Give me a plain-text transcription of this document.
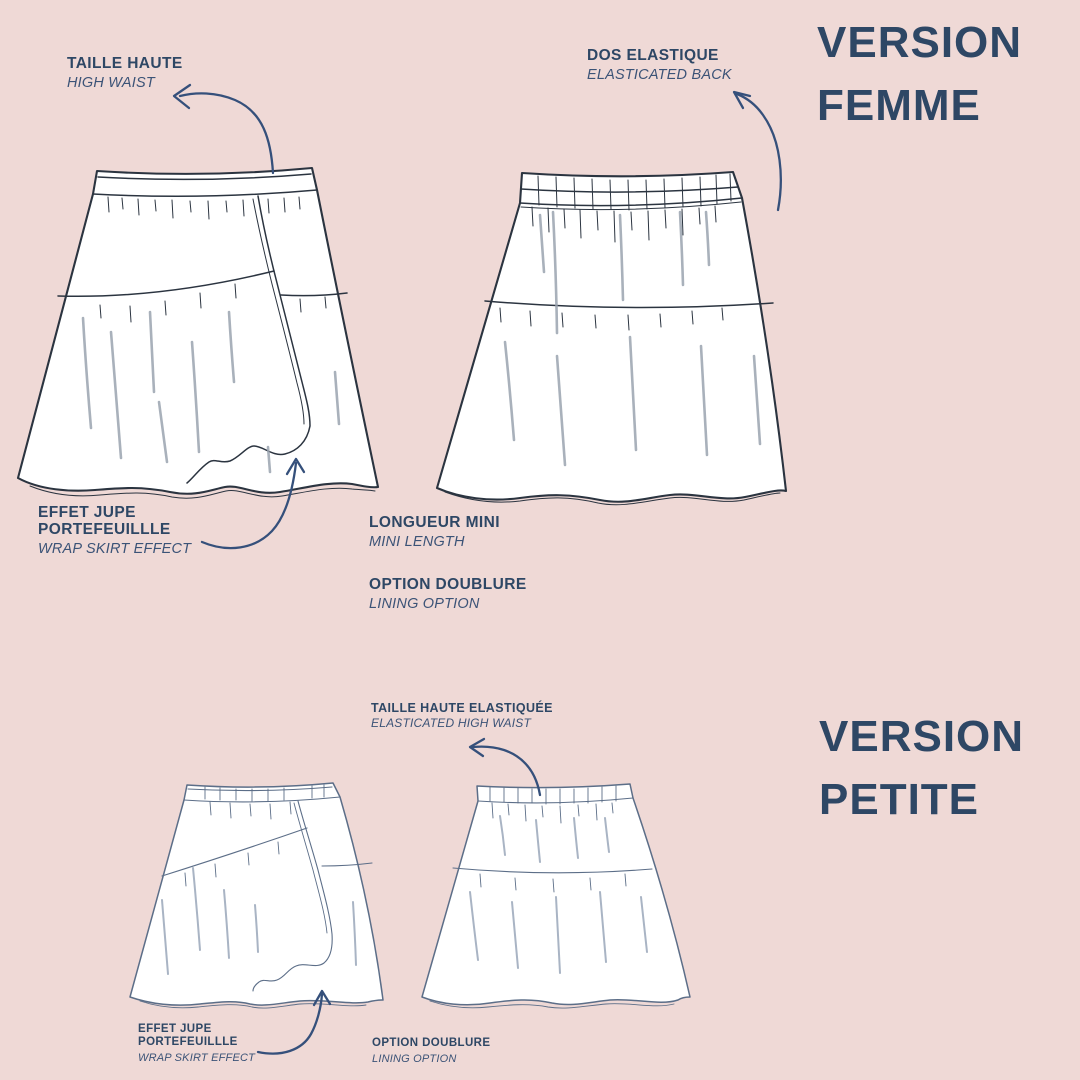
VERSION
FEMME
VERSION
PETITE
TAILLE HAUTE
HIGH WAIST
DOS ELASTIQUE
ELASTICATED BACK
EFFET JUPE
PORTEFEUILLLE
WRAP SKIRT EFFECT
LONGUEUR MINI
MINI LENGTH
OPTION DOUBLURE
LINING OPTION
TAILLE HAUTE ELASTIQUÉE
ELASTICATED HIGH WAIST
EFFET JUPE
PORTEFEUILLLE
WRAP SKIRT EFFECT
OPTION DOUBLURE
LINING OPTION
